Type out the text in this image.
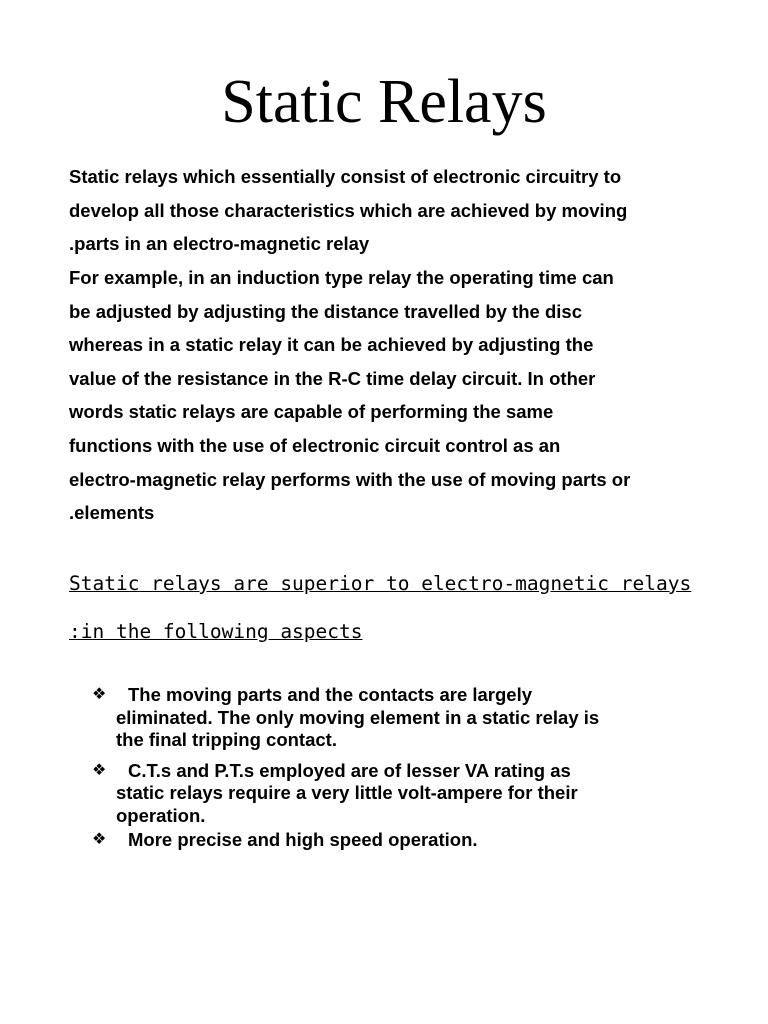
Static Relays

Static relays which essentially consist of electronic circuitry to
develop all those characteristics which are achieved by moving
.parts in an electro-magnetic relay

For example, in an induction type relay the operating time can
be adjusted by adjusting the distance travelled by the disc
whereas in a static relay it can be achieved by adjusting the
value of the resistance in the R-C time delay circuit. In other
words static relays are capable of performing the same
functions with the use of electronic circuit control as an
electro-magnetic relay performs with the use of moving parts or
.elements

Static relays are superior to electro-magnetic relays

:in the following aspects

❖	The moving parts and the contacts are largely
eliminated. The only moving element in a static relay is
the final tripping contact.
❖	C.T.s and P.T.s employed are of lesser VA rating as
static relays require a very little volt-ampere for their
operation.
❖	More precise and high speed operation.
